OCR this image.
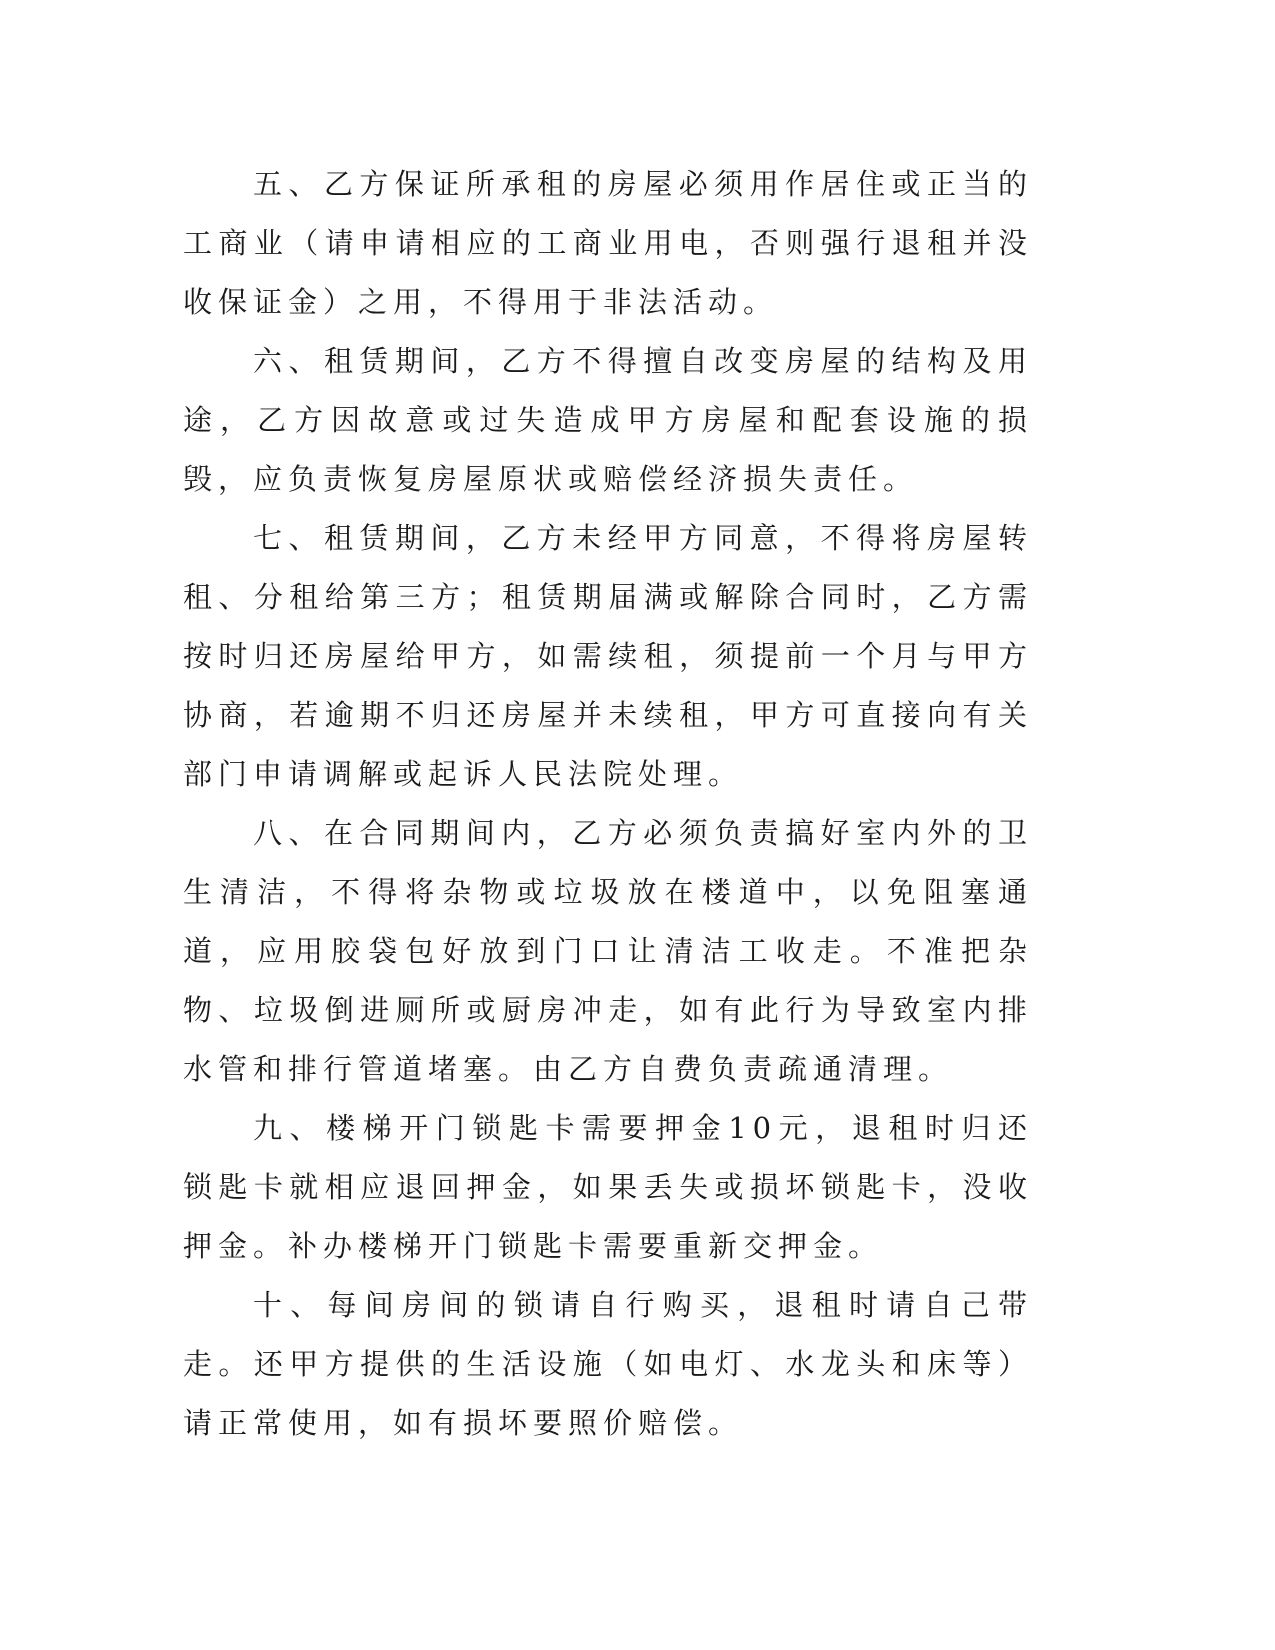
五、乙方保证所承租的房屋必须用作居住或正当的工商业（请申请相应的工商业用电，否则强行退租并没收保证金）之用，不得用于非法活动。

六、租赁期间，乙方不得擅自改变房屋的结构及用途，乙方因故意或过失造成甲方房屋和配套设施的损毁，应负责恢复房屋原状或赔偿经济损失责任。

七、租赁期间，乙方未经甲方同意，不得将房屋转租、分租给第三方；租赁期届满或解除合同时，乙方需按时归还房屋给甲方，如需续租，须提前一个月与甲方协商，若逾期不归还房屋并未续租，甲方可直接向有关部门申请调解或起诉人民法院处理。

八、在合同期间内，乙方必须负责搞好室内外的卫生清洁，不得将杂物或垃圾放在楼道中，以免阻塞通道，应用胶袋包好放到门口让清洁工收走。不准把杂物、垃圾倒进厕所或厨房冲走，如有此行为导致室内排水管和排行管道堵塞。由乙方自费负责疏通清理。

九、楼梯开门锁匙卡需要押金10元，退租时归还锁匙卡就相应退回押金，如果丢失或损坏锁匙卡，没收押金。补办楼梯开门锁匙卡需要重新交押金。

十、每间房间的锁请自行购买，退租时请自己带走。还甲方提供的生活设施（如电灯、水龙头和床等）请正常使用，如有损坏要照价赔偿。
